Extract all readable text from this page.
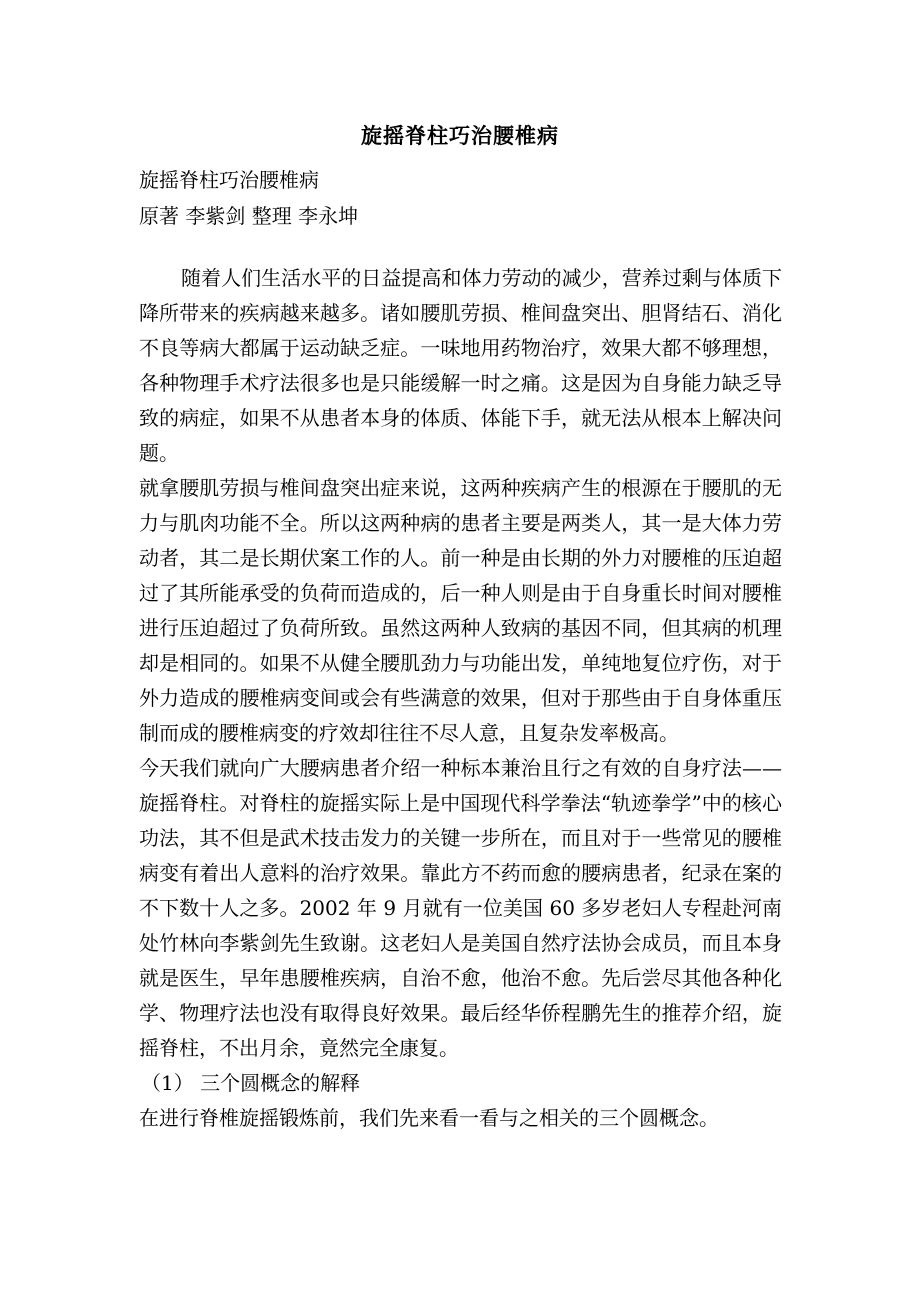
旋摇脊柱巧治腰椎病
旋摇脊柱巧治腰椎病
原著 李紫剑 整理 李永坤

随着人们生活水平的日益提高和体力劳动的减少，营养过剩与体质下降所带来的疾病越来越多。诸如腰肌劳损、椎间盘突出、胆肾结石、消化不良等病大都属于运动缺乏症。一味地用药物治疗，效果大都不够理想，各种物理手术疗法很多也是只能缓解一时之痛。这是因为自身能力缺乏导致的病症，如果不从患者本身的体质、体能下手，就无法从根本上解决问题。

就拿腰肌劳损与椎间盘突出症来说，这两种疾病产生的根源在于腰肌的无力与肌肉功能不全。所以这两种病的患者主要是两类人，其一是大体力劳动者，其二是长期伏案工作的人。前一种是由长期的外力对腰椎的压迫超过了其所能承受的负荷而造成的，后一种人则是由于自身重长时间对腰椎进行压迫超过了负荷所致。虽然这两种人致病的基因不同，但其病的机理却是相同的。如果不从健全腰肌劲力与功能出发，单纯地复位疗伤，对于外力造成的腰椎病变间或会有些满意的效果，但对于那些由于自身体重压制而成的腰椎病变的疗效却往往不尽人意，且复杂发率极高。

今天我们就向广大腰病患者介绍一种标本兼治且行之有效的自身疗法——旋摇脊柱。对脊柱的旋摇实际上是中国现代科学拳法“轨迹拳学”中的核心功法，其不但是武术技击发力的关键一步所在，而且对于一些常见的腰椎病变有着出人意料的治疗效果。靠此方不药而愈的腰病患者，纪录在案的不下数十人之多。2002 年 9 月就有一位美国 60 多岁老妇人专程赴河南处竹林向李紫剑先生致谢。这老妇人是美国自然疗法协会成员，而且本身就是医生，早年患腰椎疾病，自治不愈，他治不愈。先后尝尽其他各种化学、物理疗法也没有取得良好效果。最后经华侨程鹏先生的推荐介绍，旋摇脊柱，不出月余，竟然完全康复。

（1） 三个圆概念的解释

在进行脊椎旋摇锻炼前，我们先来看一看与之相关的三个圆概念。
